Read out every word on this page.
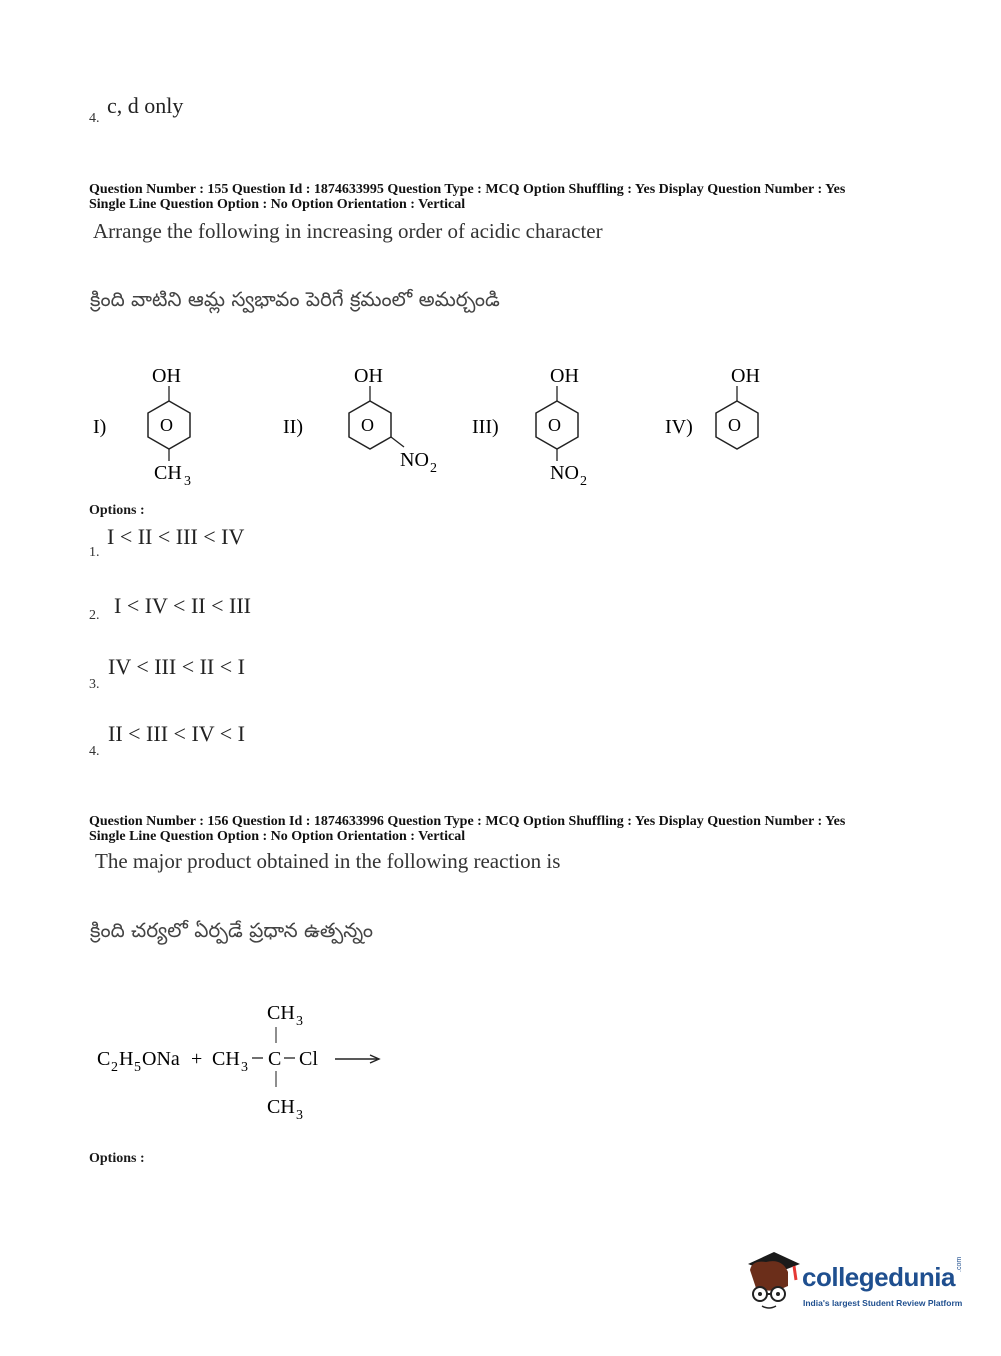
4.
c, d only
Question Number : 155 Question Id : 1874633995 Question Type : MCQ Option Shuffling : Yes Display Question Number : Yes
Single Line Question Option : No Option Orientation : Vertical
Arrange the following in increasing order of acidic character
క్రింది వాటిని ఆమ్ల స్వభావం పెరిగే క్రమంలో అమర్చండి
I)
OH
O
CH 3
II)
OH
O
NO 2
III)
OH
O
NO 2
IV)
OH
O
Options :
1.
I < II < III < IV
2. I < IV < II < III
3.
IV < III < II < I
4.
II < III < IV < I
Question Number : 156 Question Id : 1874633996 Question Type : MCQ Option Shuffling : Yes Display Question Number : Yes
Single Line Question Option : No Option Orientation : Vertical
The major product obtained in the following reaction is
క్రింది చర్యలో ఏర్పడే ప్రధాన ఉత్పన్నం
CH 3
C 2 H 5 ONa + CH 3 C Cl
CH 3
Options :
collegedunia .com
India's largest Student Review Platform
